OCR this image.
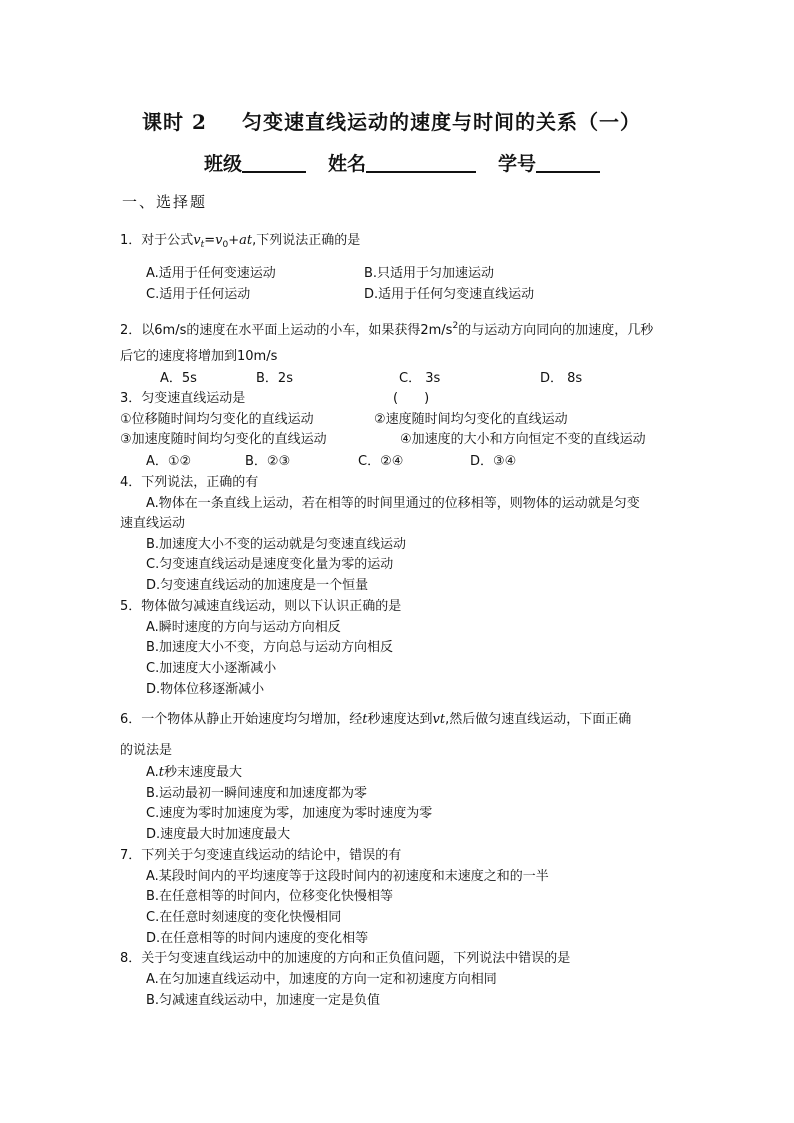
课时 2 匀变速直线运动的速度与时间的关系（一）
班级	姓名	学号
一、选择题
1．对于公式$v_t=v_0+at$,下列说法正确的是
A.适用于任何变速运动	B.只适用于匀加速运动
C.适用于任何运动	D.适用于任何匀变速直线运动
2．以6m/s的速度在水平面上运动的小车，如果获得$2m/s^2$的与运动方向同向的加速度，几秒
后它的速度将增加到10m/s
A．5s	B．2s	C． 3s	D． 8s
3．匀变速直线运动是	(　　)
①位移随时间均匀变化的直线运动	②速度随时间均匀变化的直线运动
③加速度随时间均匀变化的直线运动	④加速度的大小和方向恒定不变的直线运动
A．①②	B．②③	C．②④	D．③④
4．下列说法，正确的有
A.物体在一条直线上运动，若在相等的时间里通过的位移相等，则物体的运动就是匀变
速直线运动
B.加速度大小不变的运动就是匀变速直线运动
C.匀变速直线运动是速度变化量为零的运动
D.匀变速直线运动的加速度是一个恒量
5．物体做匀减速直线运动，则以下认识正确的是
A.瞬时速度的方向与运动方向相反
B.加速度大小不变，方向总与运动方向相反
C.加速度大小逐渐减小
D.物体位移逐渐减小
6．一个物体从静止开始速度均匀增加，经t秒速度达到vt,然后做匀速直线运动，下面正确
的说法是
A.t秒末速度最大
B.运动最初一瞬间速度和加速度都为零
C.速度为零时加速度为零，加速度为零时速度为零
D.速度最大时加速度最大
7．下列关于匀变速直线运动的结论中，错误的有
A.某段时间内的平均速度等于这段时间内的初速度和末速度之和的一半
B.在任意相等的时间内，位移变化快慢相等
C.在任意时刻速度的变化快慢相同
D.在任意相等的时间内速度的变化相等
8．关于匀变速直线运动中的加速度的方向和正负值问题，下列说法中错误的是
A.在匀加速直线运动中，加速度的方向一定和初速度方向相同
B.匀减速直线运动中，加速度一定是负值
